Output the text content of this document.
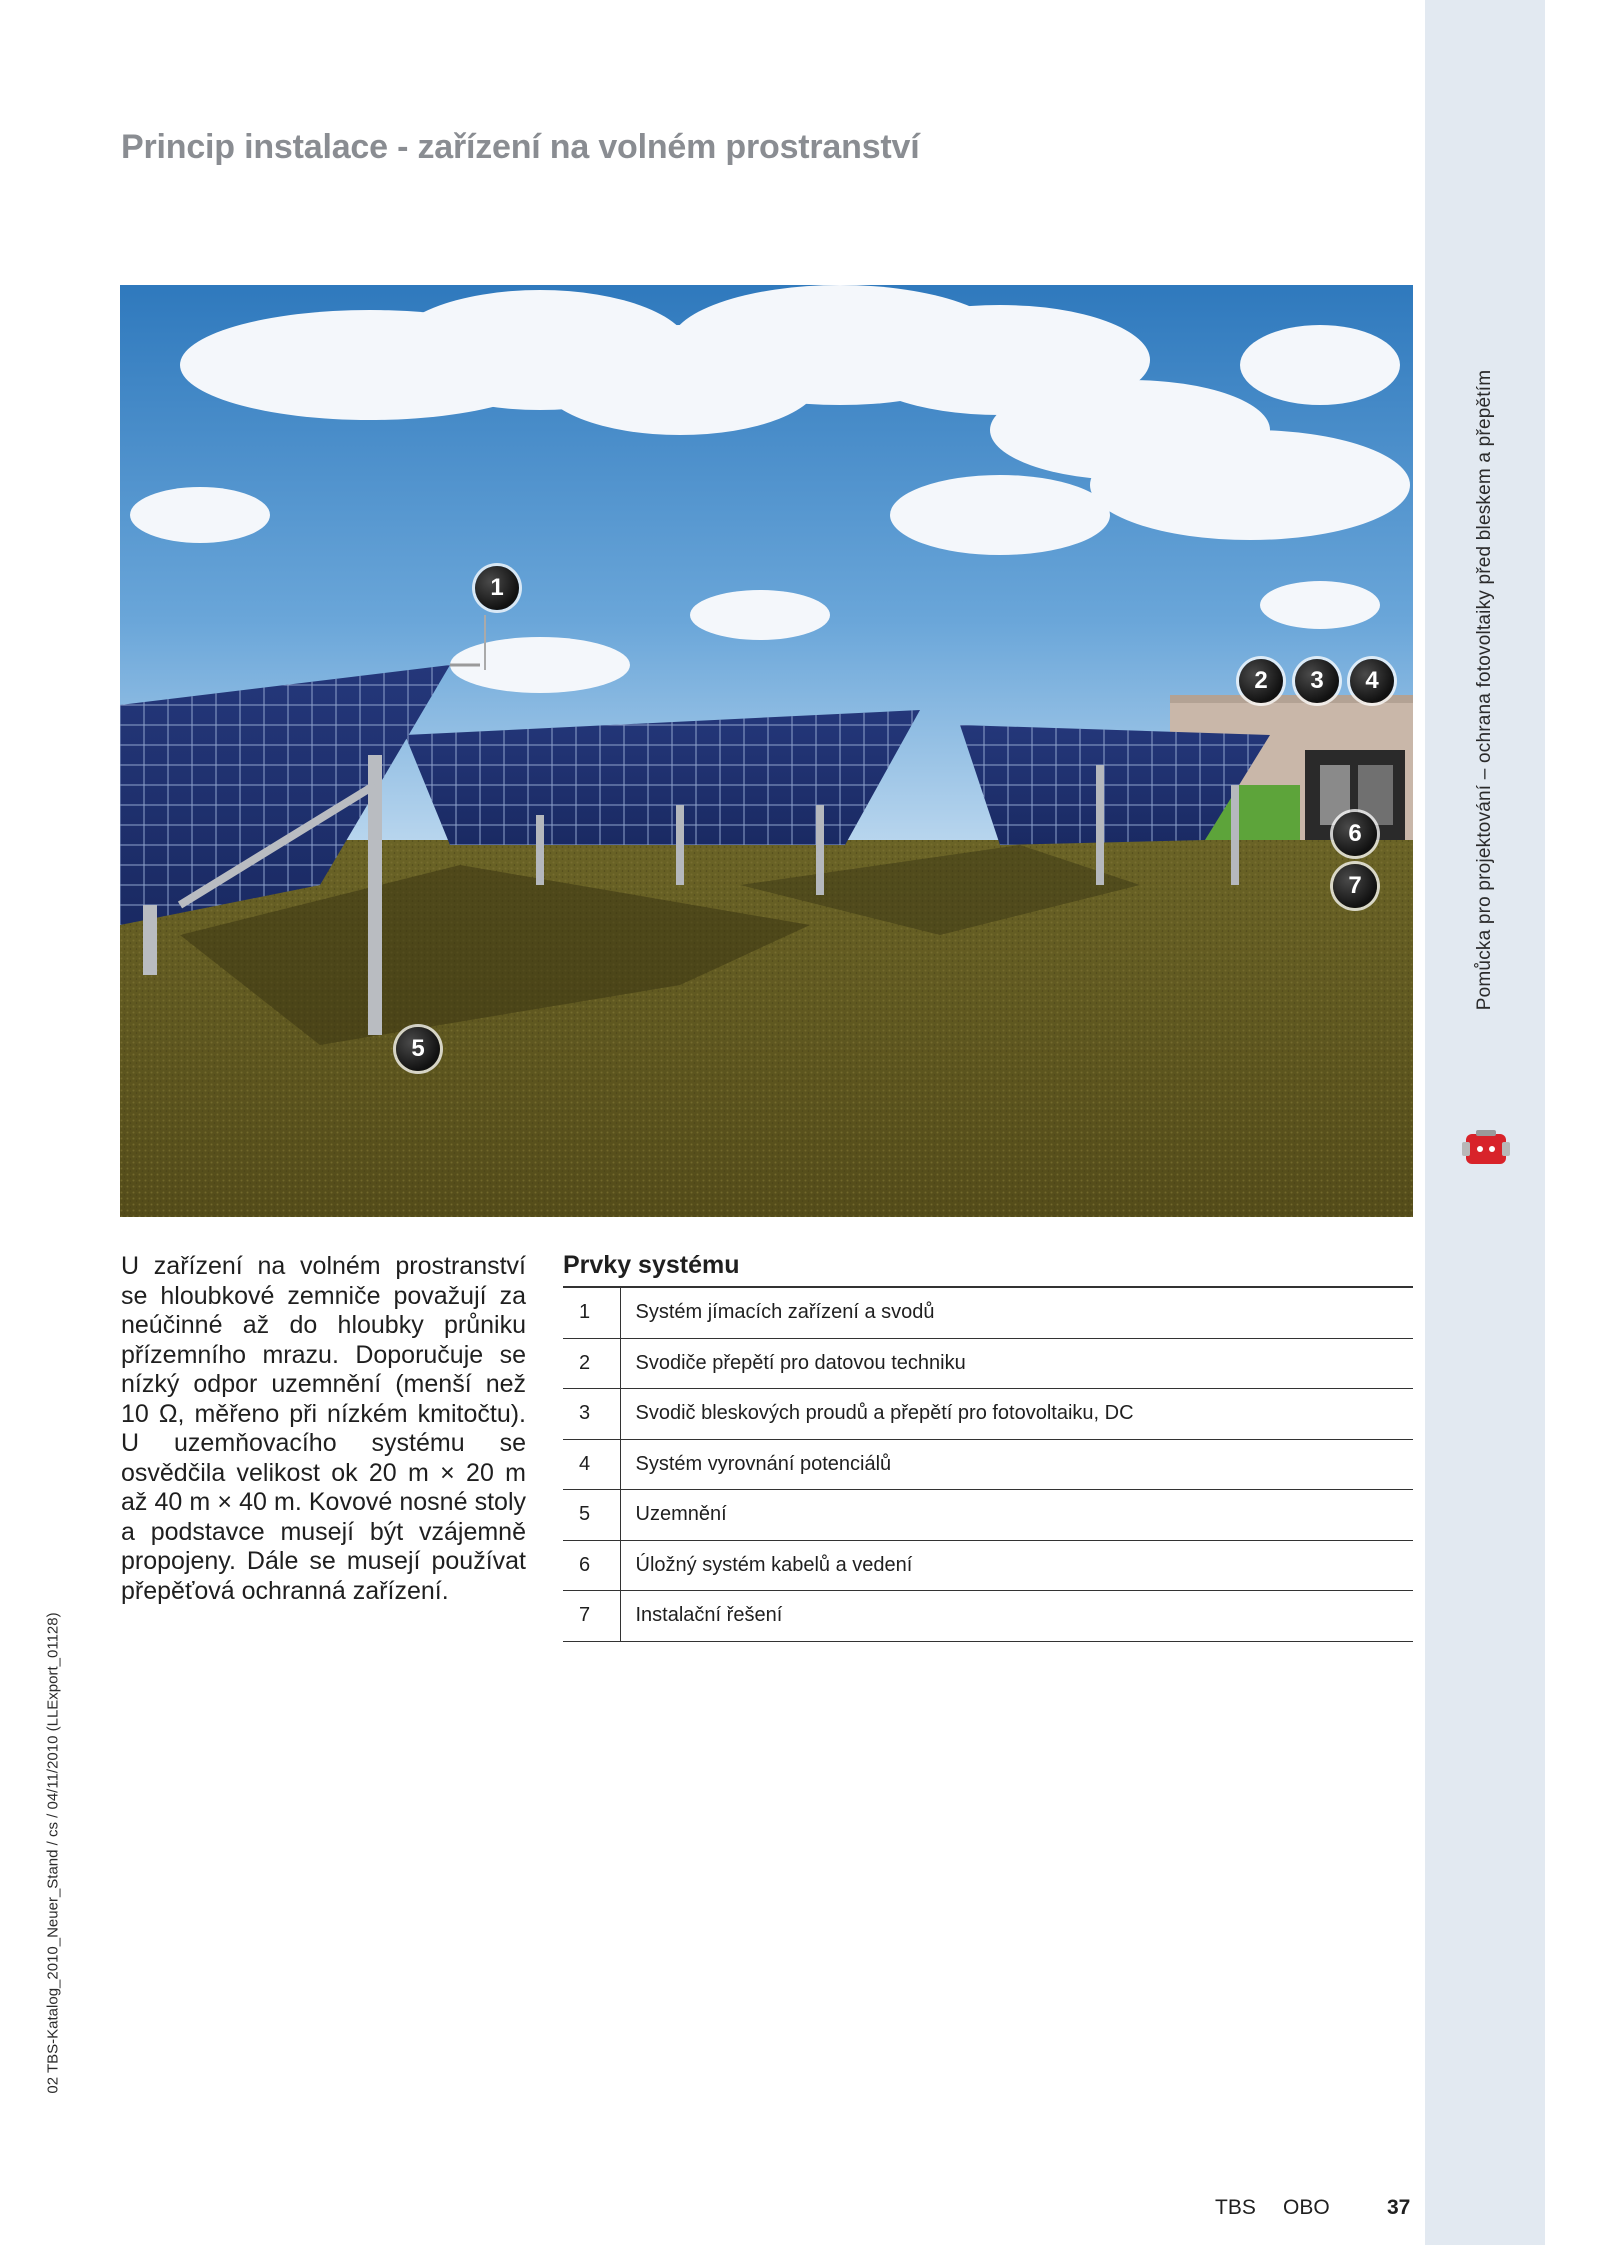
Pomůcka pro projektování – ochrana fotovoltaiky před bleskem a přepětím
Princip instalace - zařízení na volném prostranství
1
2	3	4
5
6
7

U zařízení na volném prostranství se hloubkové zemniče považují za neúčinné až do hloubky průniku přízemního mrazu. Doporučuje se nízký odpor uzemnění (menší než 10 Ω, měřeno při nízkém kmitočtu). U uzemňovacího systému se osvědčila velikost ok 20 m × 20 m až 40 m × 40 m. Kovové nosné stoly a podstavce musejí být vzájemně propojeny. Dále se musejí používat přepěťová ochranná zařízení.

Prvky systému
1	Systém jímacích zařízení a svodů
2	Svodiče přepětí pro datovou techniku
3	Svodič bleskových proudů a přepětí pro fotovoltaiku, DC
4	Systém vyrovnání potenciálů
5	Uzemnění
6	Úložný systém kabelů a vedení
7	Instalační řešení
02 TBS-Katalog_2010_Neuer_Stand / cs / 04/11/2010 (LLExport_01128)
TBS OBO	37
